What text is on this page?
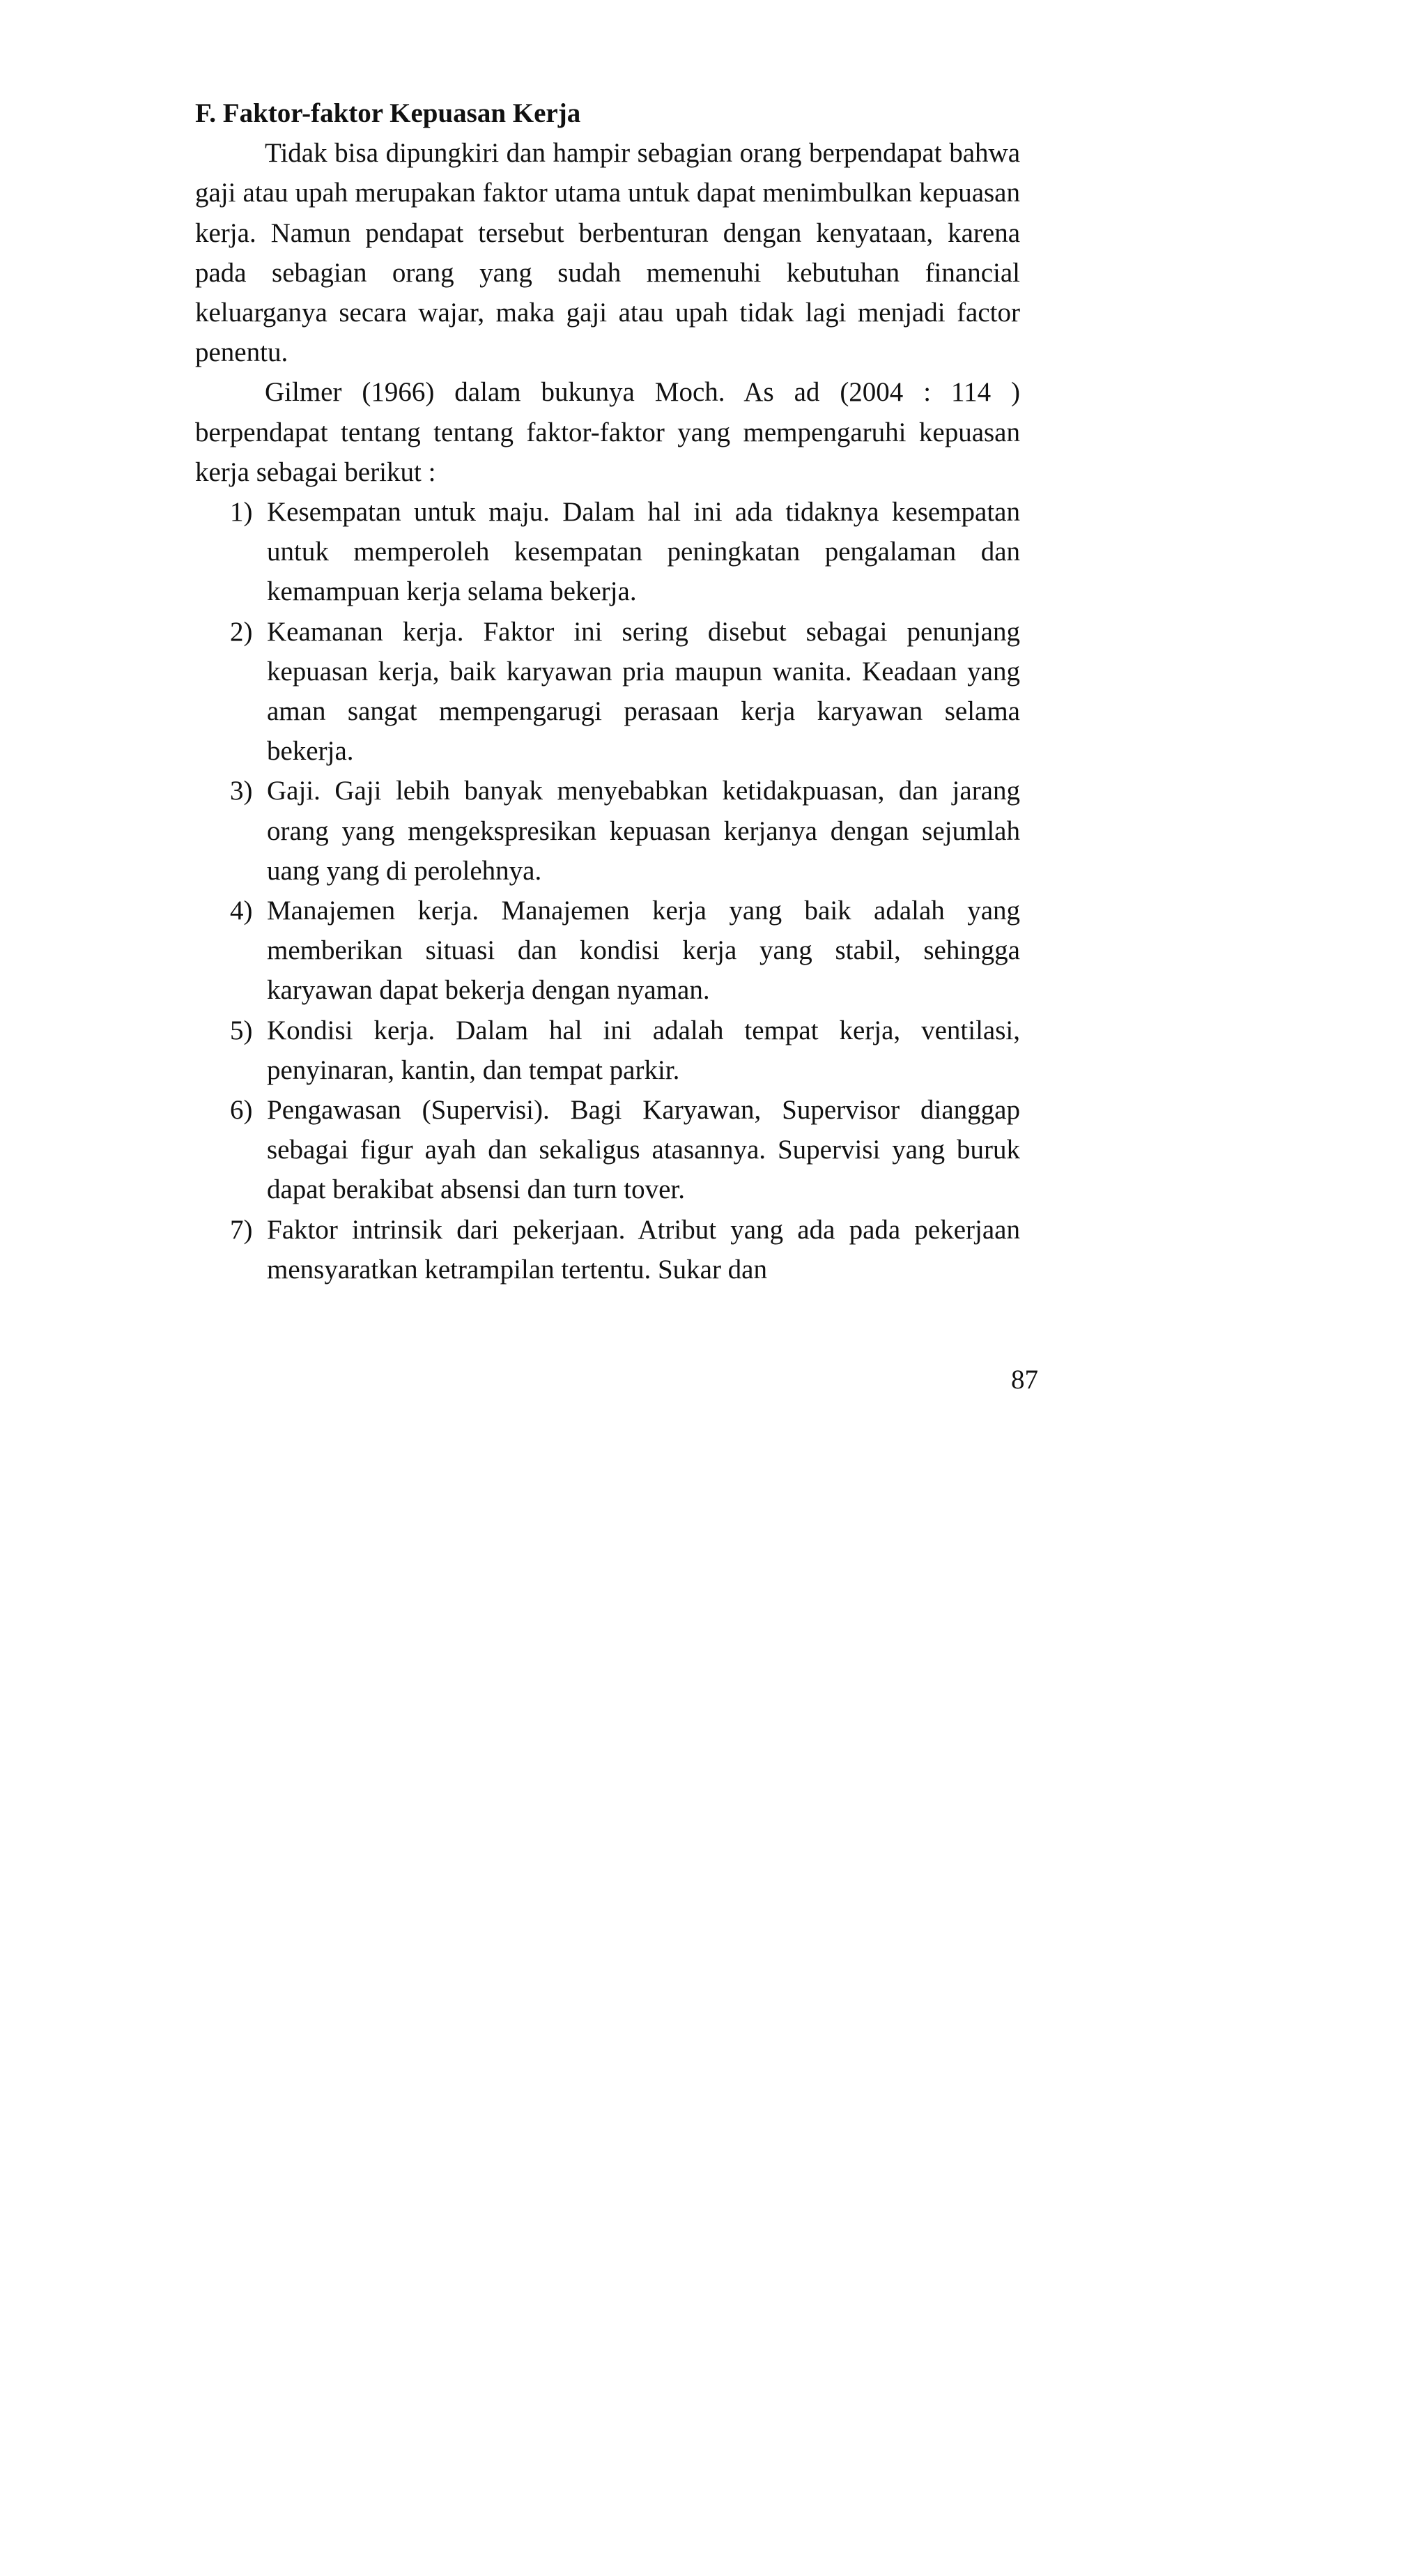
F. Faktor-faktor Kepuasan Kerja

Tidak bisa dipungkiri dan hampir sebagian orang berpendapat bahwa gaji atau upah merupakan faktor utama untuk dapat menimbulkan kepuasan kerja. Namun pendapat tersebut berbenturan dengan kenyataan, karena pada sebagian orang yang sudah memenuhi kebutuhan financial keluarganya secara wajar, maka gaji atau upah tidak lagi menjadi factor penentu.

Gilmer (1966) dalam bukunya Moch. As ad (2004 : 114 ) berpendapat tentang tentang faktor-faktor yang mempengaruhi kepuasan kerja sebagai berikut :

1) Kesempatan untuk maju. Dalam hal ini ada tidaknya kesempatan untuk memperoleh kesempatan peningkatan pengalaman dan kemampuan kerja selama bekerja.
2) Keamanan kerja. Faktor ini sering disebut sebagai penunjang kepuasan kerja, baik karyawan pria maupun wanita. Keadaan yang aman sangat mempengarugi perasaan kerja karyawan selama bekerja.
3) Gaji. Gaji lebih banyak menyebabkan ketidakpuasan, dan jarang orang yang mengekspresikan kepuasan kerjanya dengan sejumlah uang yang di perolehnya.
4) Manajemen kerja. Manajemen kerja yang baik adalah yang memberikan situasi dan kondisi kerja yang stabil, sehingga karyawan dapat bekerja dengan nyaman.
5) Kondisi kerja. Dalam hal ini adalah tempat kerja, ventilasi, penyinaran, kantin, dan tempat parkir.
6) Pengawasan (Supervisi). Bagi Karyawan, Supervisor dianggap sebagai figur ayah dan sekaligus atasannya. Supervisi yang buruk dapat berakibat absensi dan turn tover.
7) Faktor intrinsik dari pekerjaan. Atribut yang ada pada pekerjaan mensyaratkan ketrampilan tertentu. Sukar dan
87
